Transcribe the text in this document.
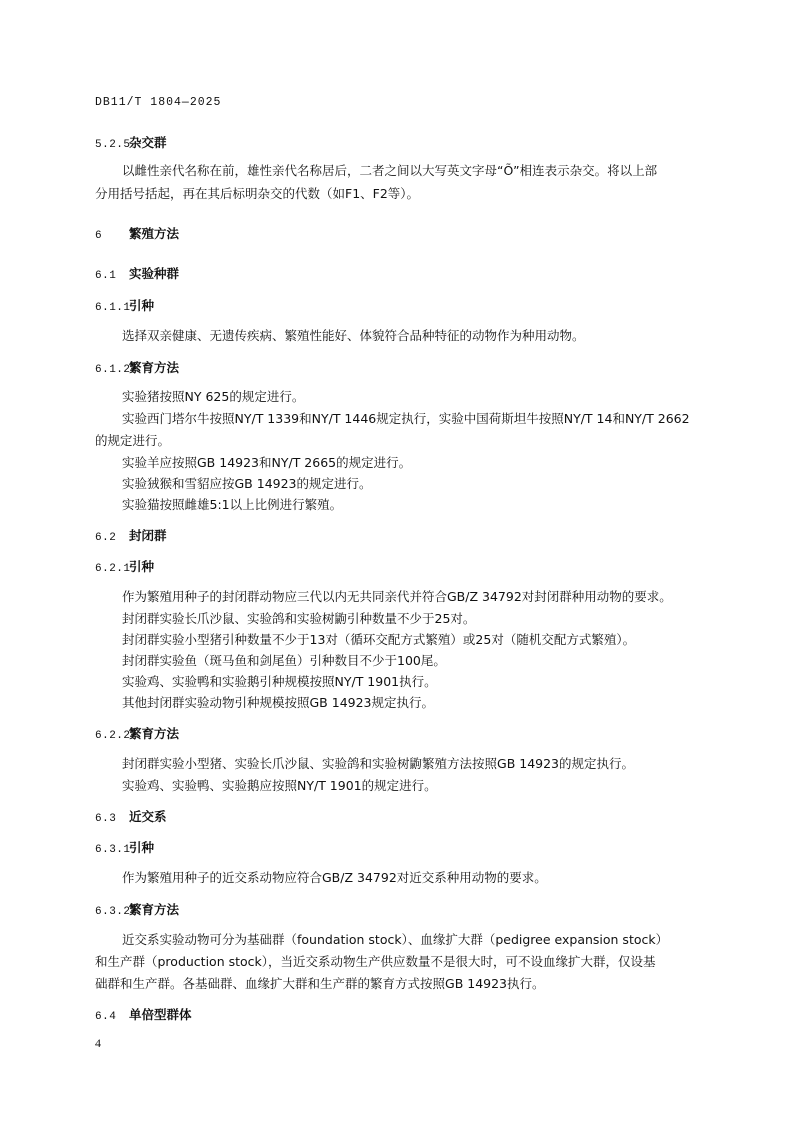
DB11/T 1804—2025
5.2.5杂交群
以雌性亲代名称在前，雄性亲代名称居后，二者之间以大写英文字母“Õ”相连表示杂交。将以上部
分用括号括起，再在其后标明杂交的代数（如F1、F2等）。
6 繁殖方法
6.1 实验种群
6.1.1引种
选择双亲健康、无遗传疾病、繁殖性能好、体貌符合品种特征的动物作为种用动物。
6.1.2繁育方法
实验猪按照NY 625的规定进行。
实验西门塔尔牛按照NY/T 1339和NY/T 1446规定执行，实验中国荷斯坦牛按照NY/T 14和NY/T 2662
的规定进行。
实验羊应按照GB 14923和NY/T 2665的规定进行。
实验狨猴和雪貂应按GB 14923的规定进行。
实验猫按照雌雄5:1以上比例进行繁殖。
6.2 封闭群
6.2.1引种
作为繁殖用种子的封闭群动物应三代以内无共同亲代并符合GB/Z 34792对封闭群种用动物的要求。
封闭群实验长爪沙鼠、实验鸽和实验树鼩引种数量不少于25对。
封闭群实验小型猪引种数量不少于13对（循环交配方式繁殖）或25对（随机交配方式繁殖）。
封闭群实验鱼（斑马鱼和剑尾鱼）引种数目不少于100尾。
实验鸡、实验鸭和实验鹅引种规模按照NY/T 1901执行。
其他封闭群实验动物引种规模按照GB 14923规定执行。
6.2.2繁育方法
封闭群实验小型猪、实验长爪沙鼠、实验鸽和实验树鼩繁殖方法按照GB 14923的规定执行。
实验鸡、实验鸭、实验鹅应按照NY/T 1901的规定进行。
6.3 近交系
6.3.1引种
作为繁殖用种子的近交系动物应符合GB/Z 34792对近交系种用动物的要求。
6.3.2繁育方法
近交系实验动物可分为基础群（foundation stock）、血缘扩大群（pedigree expansion stock）
和生产群（production stock），当近交系动物生产供应数量不是很大时，可不设血缘扩大群，仅设基
础群和生产群。各基础群、血缘扩大群和生产群的繁育方式按照GB 14923执行。
6.4 单倍型群体
4
